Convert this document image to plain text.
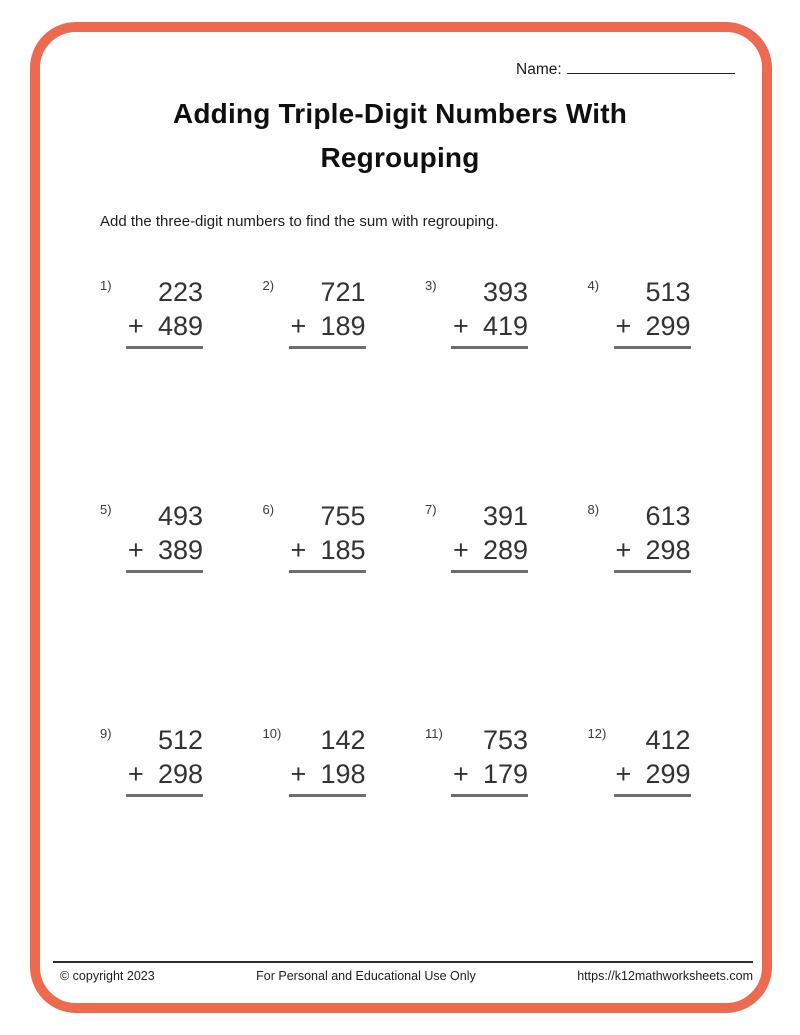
Name:
Adding Triple-Digit Numbers With Regrouping

Add the three-digit numbers to find the sum with regrouping.

1)	223
+ 489
2)	721
+ 189
3)	393
+ 419
4)	513
+ 299
5)	493
+ 389
6)	755
+ 185
7)	391
+ 289
8)	613
+ 298
9)	512
+ 298
10)	142
+ 198
11)	753
+ 179
12)	412
+ 299
© copyright 2023	For Personal and Educational Use Only	https://k12mathworksheets.com
